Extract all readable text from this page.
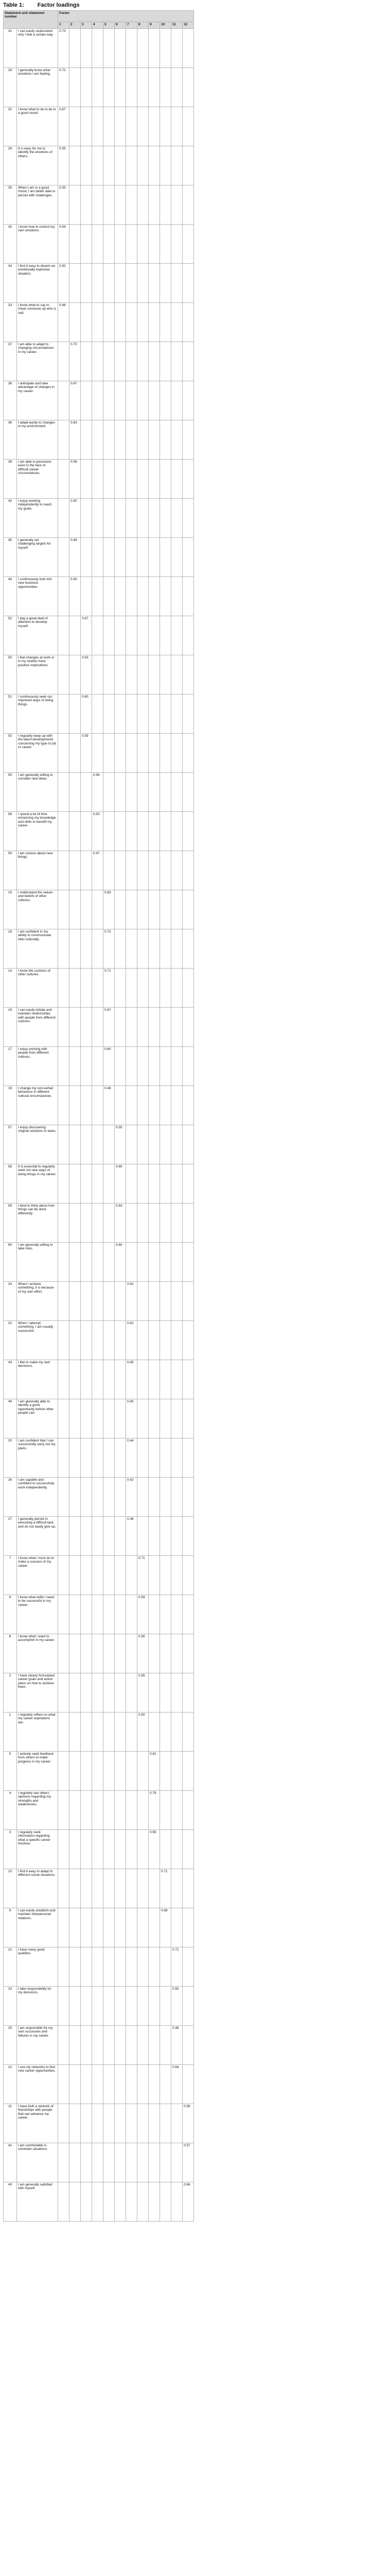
Table 1: Factor loadings
Statement and statement number		Factor											
		1	2	3	4	5	6	7	8	9	10	11	12
31	I can easily understand why I feel a certain way.	0.73											
29	I generally know what emotions I am feeling.	0.72											
32	I know what to do to be in a good mood.	0.67											
28	It is easy for me to identify the emotions of others.	0.55											
35	When I am in a good mood, I am better able to persist with challenges.	0.55											
30	I know how to control my own emotions.	0.54											
34	I find it easy to disarm an emotionally explosive situation.	0.50											
33	I know what to say to cheer someone up who is sad.	0.48											
37	I am able to adapt to changing circumstances in my career.		0.70										
38	I anticipate and take advantage of changes in my career.		0.67										
36	I adapt easily to changes in my environment.		0.63										
39	I am able to persevere even in the face of difficult career circumstances.		0.58										
42	I enjoy working independently to reach my goals.		0.50										
45	I generally set challenging targets for myself.		0.49										
44	I continuously look into new business opportunities.		0.40										
52	I pay a great deal of attention to develop myself.			0.67									
50	I feel changes at work or in my studies have positive implications.			0.63									
51	I continuously seek out improved ways of doing things.			0.60									
53	I regularly keep up with the latest developments concerning my type of job or career.			0.59									
55	I am generally willing to consider new ideas.				0.56								
56	I spend a lot of time enhancing my knowledge and skills to benefit my career.				0.53								
54	I am curious about new things.				0.47								
15	I understand the values and beliefs of other cultures.					0.83							
16	I am confident in my ability to communicate inter-culturally.					0.72							
14	I know the customs of other cultures.					0.71							
19	I can easily initiate and maintain relationships with people from different cultures.					0.67							
17	I enjoy working with people from different cultures.					0.60							
18	I change my non-verbal behaviour in different cultural circumstances.					0.48							
57	I enjoy discovering original solutions to tasks.						0.55						
58	It is essential to regularly seek out new ways of doing things in my career.						0.65						
59	I tend to think about how things can be done differently.						0.63						
60	I am generally willing to take risks.						0.60						
24	When I achieve something, it is because of my own effort.							0.62					
22	When I attempt something, I am usually successful.							0.62					
43	I like to make my own decisions.							0.45					
49	I am generally able to identify a good opportunity before other people can.							0.45					
20	I am confident that I can successfully carry out my plans.							0.44					
26	I am capable and confident to successfully work independently.							0.42					
27	I generally persist in executing a difficult task and do not easily give up.							0.36					
7	I know what I must do to make a success of my career.								0.71				
6	I know what skills I need to be successful in my career.								0.59				
8	I know what I want to accomplish in my career.								0.56				
2	I have clearly formulated career goals and action plans on how to achieve them.								0.55				
1	I regularly reflect on what my career aspirations are.								0.50				
5	I actively seek feedback from others to make progress in my career.									0.81			
4	I regularly ask others' opinions regarding my strengths and weaknesses.									0.79			
3	I regularly seek information regarding what a specific career involves.									0.56			
10	I find it easy to adapt to different social situations.										0.71		
9	I can easily establish and maintain interpersonal relations.										0.69		
21	I have many good qualities.											0.71	
23	I take responsibility for my decisions.											0.50	
25	I am responsible for my own successes and failures in my career.											0.46	
12	I use my networks to find new career opportunities.											0.64	
11	I have built a network of friendships with people that can advance my career.												0.58
41	I am comfortable in uncertain situations.												0.57
40	I am generally satisfied with myself.												0.66
